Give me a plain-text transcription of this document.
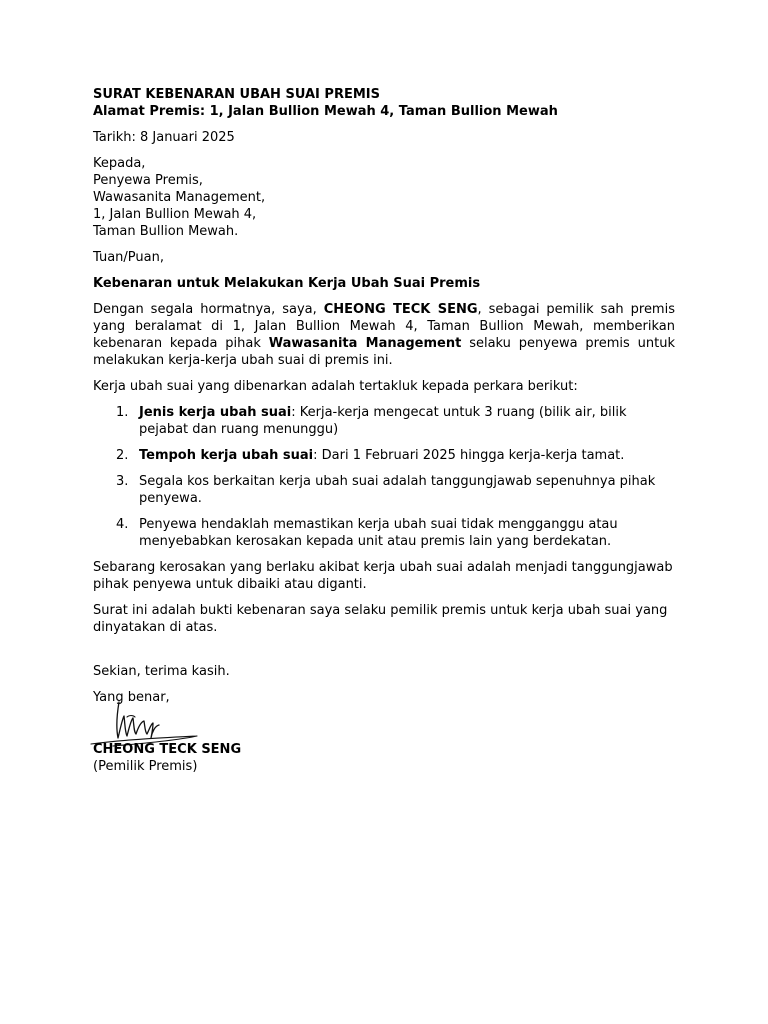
SURAT KEBENARAN UBAH SUAI PREMIS
Alamat Premis: 1, Jalan Bullion Mewah 4, Taman Bullion Mewah
Tarikh: 8 Januari 2025
Kepada,
Penyewa Premis,
Wawasanita Management,
1, Jalan Bullion Mewah 4,
Taman Bullion Mewah.
Tuan/Puan,
Kebenaran untuk Melakukan Kerja Ubah Suai Premis
Dengan segala hormatnya, saya, CHEONG TECK SENG, sebagai pemilik sah premis yang beralamat di 1, Jalan Bullion Mewah 4, Taman Bullion Mewah, memberikan kebenaran kepada pihak Wawasanita Management selaku penyewa premis untuk melakukan kerja-kerja ubah suai di premis ini.
Kerja ubah suai yang dibenarkan adalah tertakluk kepada perkara berikut:
1. Jenis kerja ubah suai: Kerja-kerja mengecat untuk 3 ruang (bilik air, bilik
pejabat dan ruang menunggu)
2. Tempoh kerja ubah suai: Dari 1 Februari 2025 hingga kerja-kerja tamat.
3. Segala kos berkaitan kerja ubah suai adalah tanggungjawab sepenuhnya pihak
penyewa.
4. Penyewa hendaklah memastikan kerja ubah suai tidak mengganggu atau
menyebabkan kerosakan kepada unit atau premis lain yang berdekatan.
Sebarang kerosakan yang berlaku akibat kerja ubah suai adalah menjadi tanggungjawab
pihak penyewa untuk dibaiki atau diganti.
Surat ini adalah bukti kebenaran saya selaku pemilik premis untuk kerja ubah suai yang
dinyatakan di atas.
Sekian, terima kasih.
Yang benar,
CHEONG TECK SENG
(Pemilik Premis)
